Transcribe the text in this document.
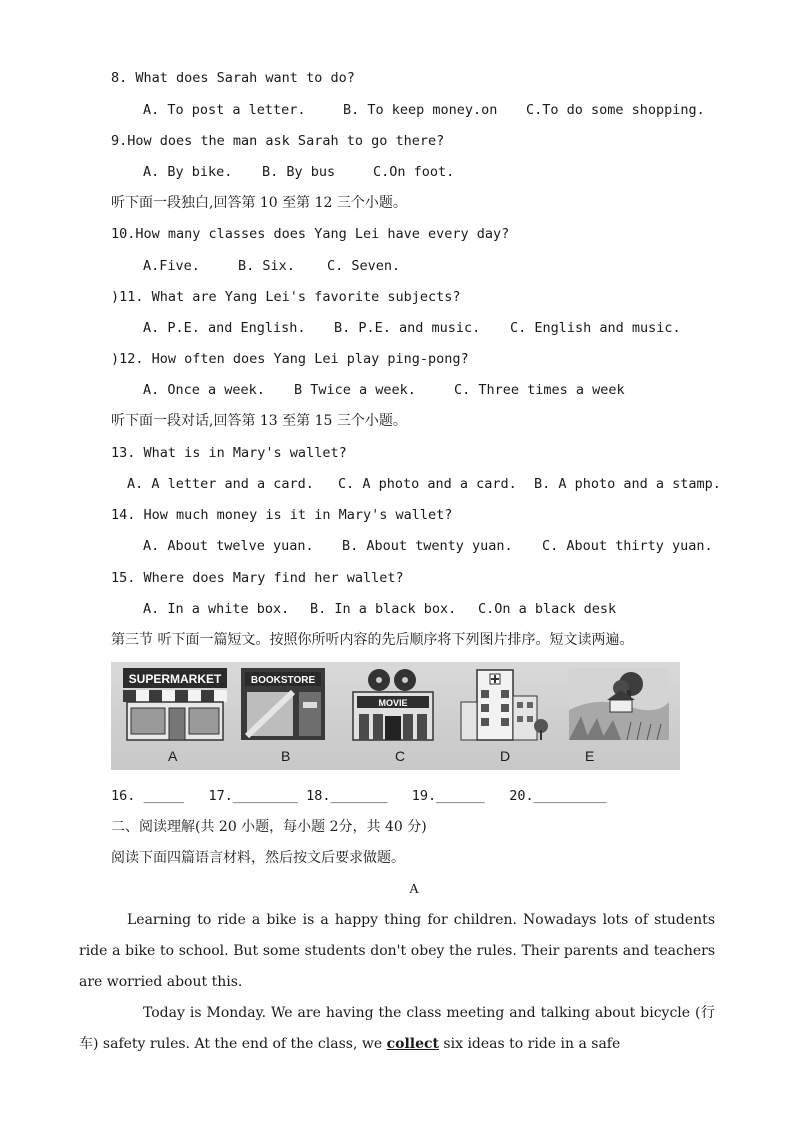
8. What does Sarah want to do?
A. To post a letter.	B. To keep money.on C.To do some shopping.
9.How does the man ask Sarah to go there?
A. By bike. B. By bus	C.On foot.
听下面一段独白,回答第 10 至第 12 三个小题。
10.How many classes does Yang Lei have every day?
A.Five.	B. Six. C. Seven.
)11. What are Yang Lei's favorite subjects?
A. P.E. and English. B. P.E. and music. C. English and music.
)12. How often does Yang Lei play ping-pong?
A. Once a week. B Twice a week.	C. Three times a week
听下面一段对话,回答第 13 至第 15 三个小题。
13. What is in Mary's wallet?
A. A letter and a card. C. A photo and a card. B. A photo and a stamp.
14. How much money is it in Mary's wallet?
A. About twelve yuan. B. About twenty yuan. C. About thirty yuan.
15. Where does Mary find her wallet?
A. In a white box. B. In a black box. C.On a black desk
第三节 听下面一篇短文。按照你所听内容的先后顺序将下列图片排序。短文读两遍。
SUPERMARKET	BOOKSTORE
MOVIE
A	B	C	D	E
16. _____   17.________ 18._______   19.______   20._________
二、阅读理解(共 20 小题，每小题 2分，共 40 分)
阅读下面四篇语言材料，然后按文后要求做题。
A
Learning to ride a bike is a happy thing for children. Nowadays lots of students ride a bike to school. But some students don't obey the rules. Their parents and teachers are worried about this.
Today is Monday. We are having the class meeting and talking about bicycle (行车) safety rules. At the end of the class, we collect six ideas to ride in a safe
